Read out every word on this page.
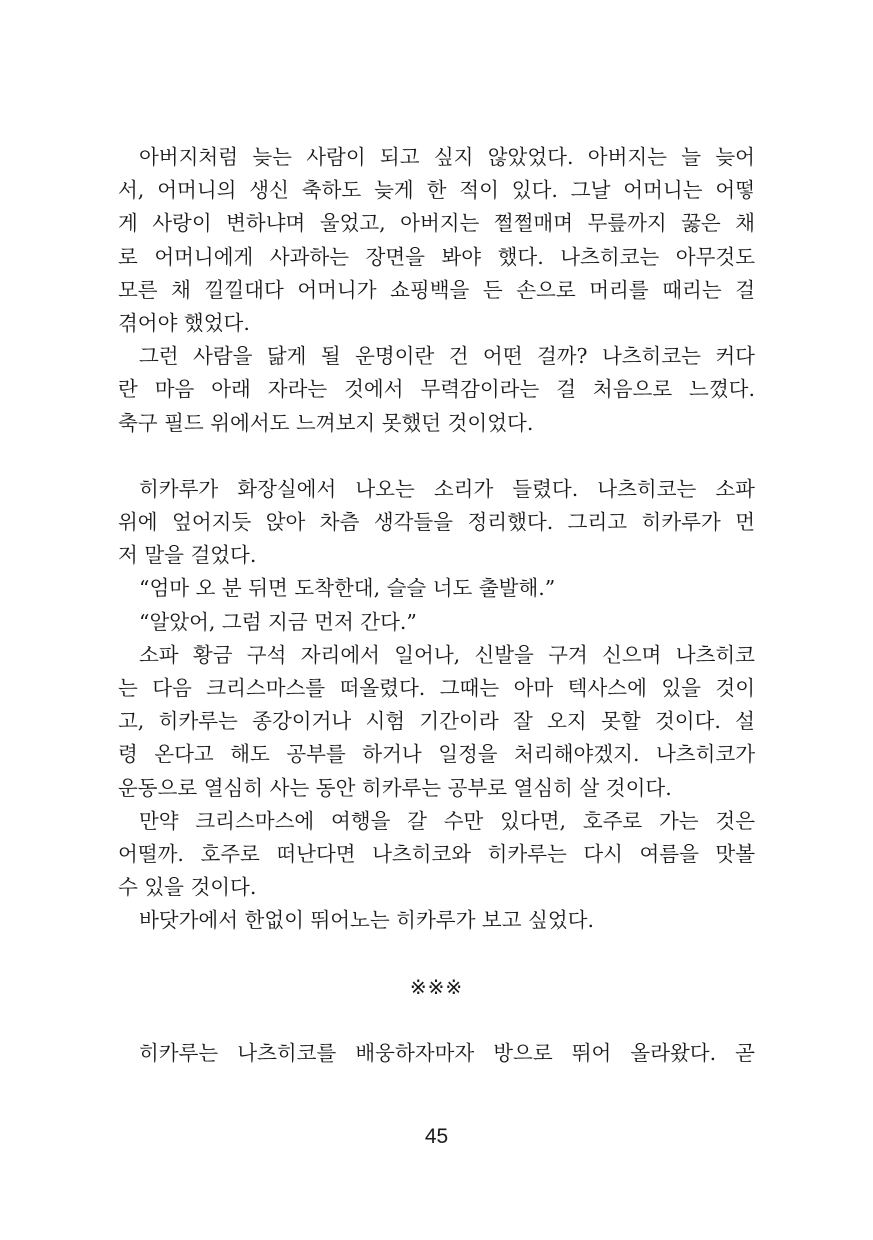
아버지처럼 늦는 사람이 되고 싶지 않았었다. 아버지는 늘 늦어
서, 어머니의 생신 축하도 늦게 한 적이 있다. 그날 어머니는 어떻
게 사랑이 변하냐며 울었고, 아버지는 쩔쩔매며 무릎까지 꿇은 채
로 어머니에게 사과하는 장면을 봐야 했다. 나츠히코는 아무것도
모른 채 낄낄대다 어머니가 쇼핑백을 든 손으로 머리를 때리는 걸
겪어야 했었다.
그런 사람을 닮게 될 운명이란 건 어떤 걸까? 나츠히코는 커다
란 마음 아래 자라는 것에서 무력감이라는 걸 처음으로 느꼈다.
축구 필드 위에서도 느껴보지 못했던 것이었다.
히카루가 화장실에서 나오는 소리가 들렸다. 나츠히코는 소파
위에 엎어지듯 앉아 차츰 생각들을 정리했다. 그리고 히카루가 먼
저 말을 걸었다.
“엄마 오 분 뒤면 도착한대, 슬슬 너도 출발해.”
“알았어, 그럼 지금 먼저 간다.”
소파 황금 구석 자리에서 일어나, 신발을 구겨 신으며 나츠히코
는 다음 크리스마스를 떠올렸다. 그때는 아마 텍사스에 있을 것이
고, 히카루는 종강이거나 시험 기간이라 잘 오지 못할 것이다. 설
령 온다고 해도 공부를 하거나 일정을 처리해야겠지. 나츠히코가
운동으로 열심히 사는 동안 히카루는 공부로 열심히 살 것이다.
만약 크리스마스에 여행을 갈 수만 있다면, 호주로 가는 것은
어떨까. 호주로 떠난다면 나츠히코와 히카루는 다시 여름을 맛볼
수 있을 것이다.
바닷가에서 한없이 뛰어노는 히카루가 보고 싶었다.
※※※
히카루는 나츠히코를 배웅하자마자 방으로 뛰어 올라왔다. 곧
45
